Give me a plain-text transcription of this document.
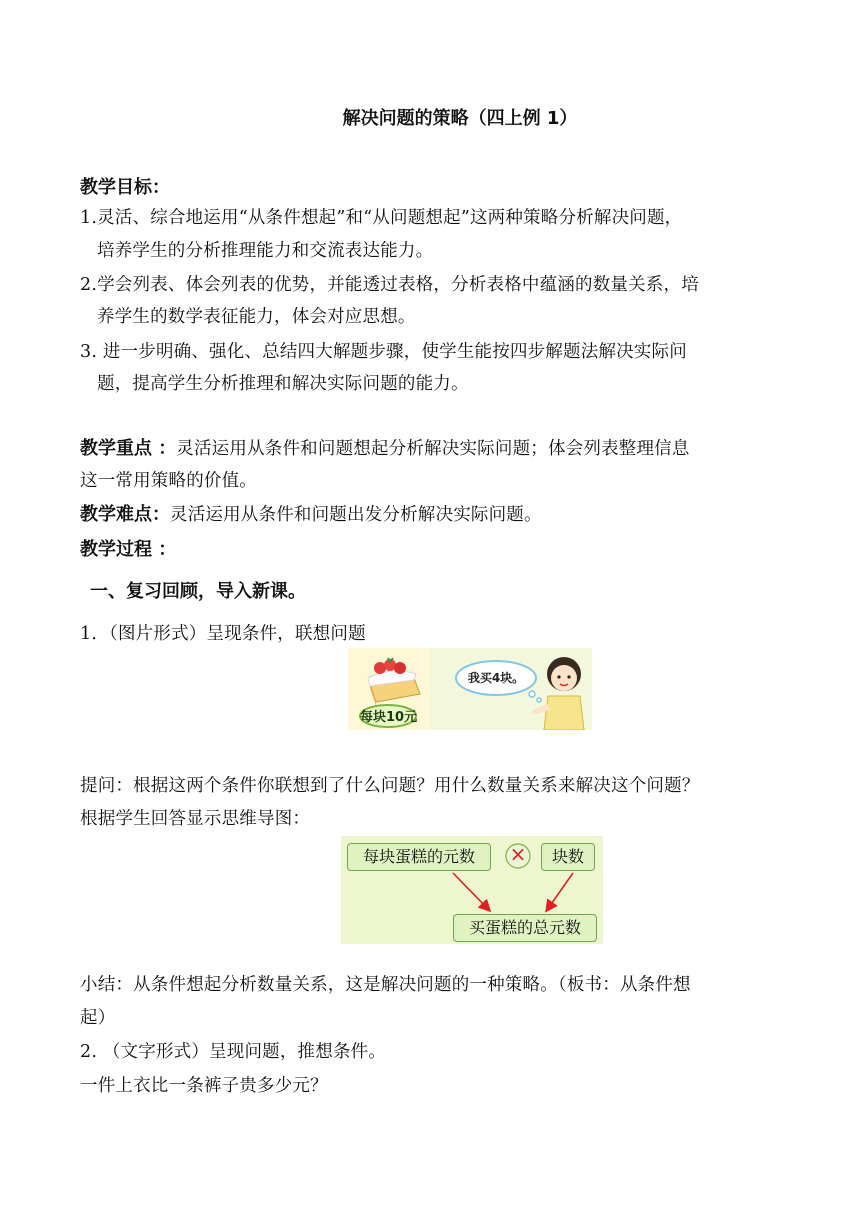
解决问题的策略（四上例 1）
教学目标：
1.灵活、综合地运用“从条件想起”和“从问题想起”这两种策略分析解决问题，
培养学生的分析推理能力和交流表达能力。
2.学会列表、体会列表的优势，并能透过表格，分析表格中蕴涵的数量关系，培
养学生的数学表征能力，体会对应思想。
3. 进一步明确、强化、总结四大解题步骤，使学生能按四步解题法解决实际问
题，提高学生分析推理和解决实际问题的能力。
教学重点 ：灵活运用从条件和问题想起分析解决实际问题；体会列表整理信息
这一常用策略的价值。
教学难点：灵活运用从条件和问题出发分析解决实际问题。
教学过程 ：
一、复习回顾，导入新课。
1．（图片形式）呈现条件，联想问题
每块10元
我买4块。
提问：根据这两个条件你联想到了什么问题？用什么数量关系来解决这个问题？
根据学生回答显示思维导图：
每块蛋糕的元数	×	块数
买蛋糕的总元数
小结：从条件想起分析数量关系，这是解决问题的一种策略。（板书：从条件想
起）
2. （文字形式）呈现问题，推想条件。
一件上衣比一条裤子贵多少元？
